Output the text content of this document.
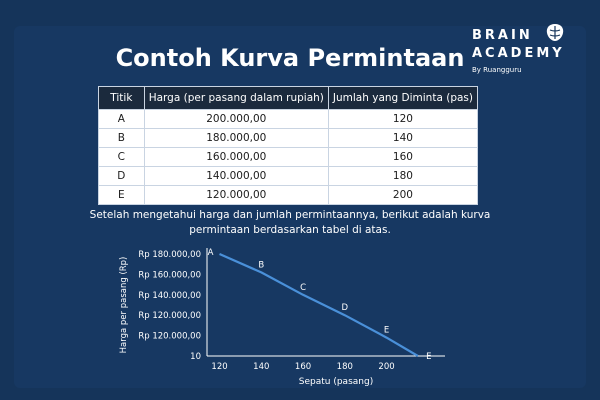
BRAIN
ACADEMY
By Ruangguru
Contoh Kurva Permintaan
Titik	Harga (per pasang dalam rupiah)	Jumlah yang Diminta (pas)
A	200.000,00	120
B	180.000,00	140
C	160.000,00	160
D	140.000,00	180
E	120.000,00	200
Setelah mengetahui harga dan jumlah permintaannya, berikut adalah kurva
permintaan berdasarkan tabel di atas.
10
Rp 120.000,00
Rp 120.000,00
Rp 140.000,00
Rp 160.000,00
Rp 180.000,00
120	140	160	180	200
Sepatu (pasang)
Harga per pasang (Rp)
A
B
C
D
E
E
